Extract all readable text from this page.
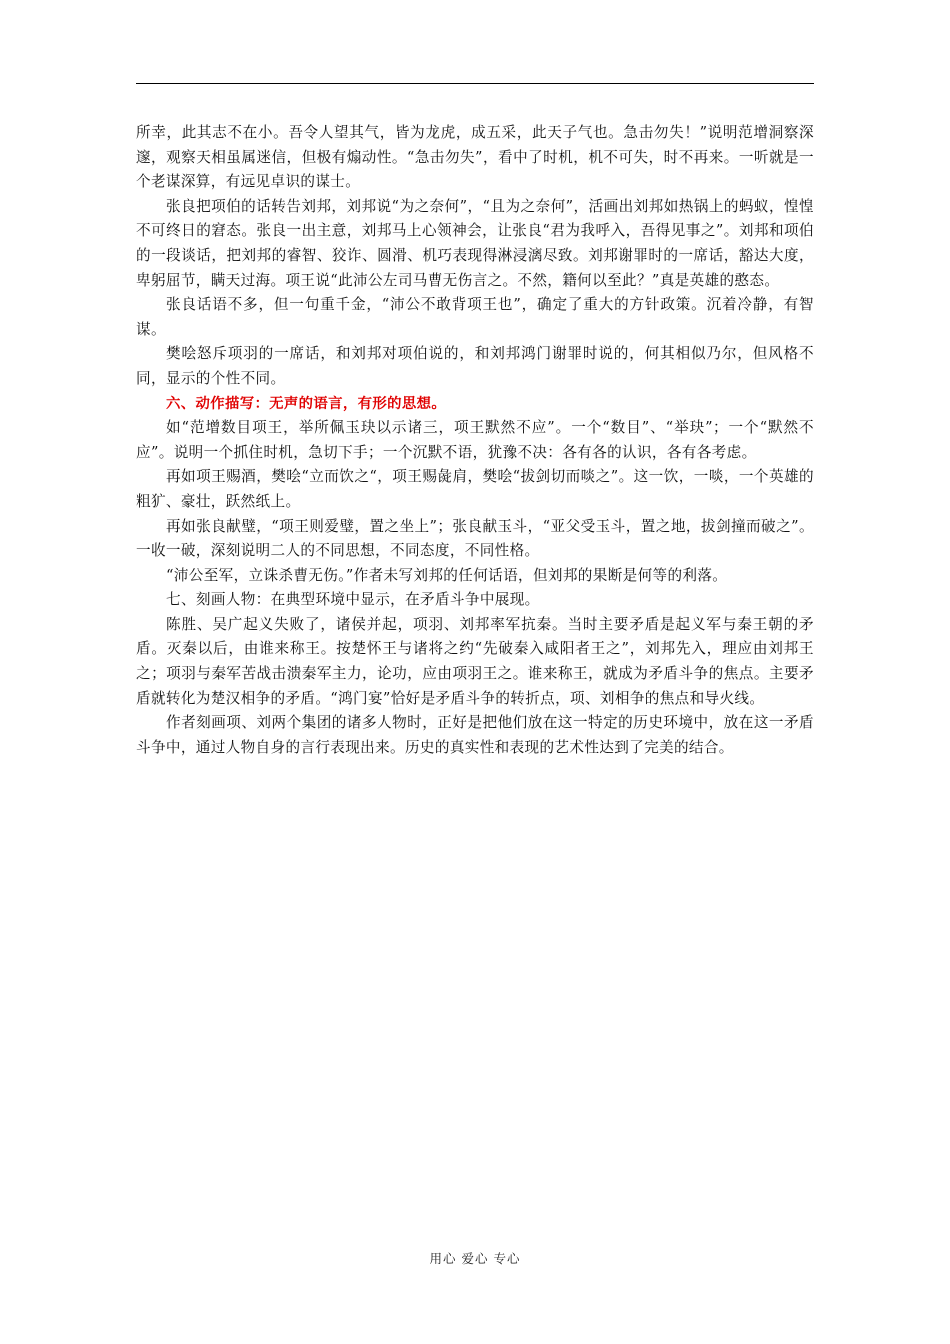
所幸，此其志不在小。吾令人望其气，皆为龙虎，成五采，此天子气也。急击勿失！”说明范增洞察深邃，观察天相虽属迷信，但极有煽动性。“急击勿失”，看中了时机，机不可失，时不再来。一听就是一个老谋深算，有远见卓识的谋士。

张良把项伯的话转告刘邦，刘邦说“为之奈何”，“且为之奈何”，活画出刘邦如热锅上的蚂蚁，惶惶不可终日的窘态。张良一出主意，刘邦马上心领神会，让张良“君为我呼入，吾得见事之”。刘邦和项伯的一段谈话，把刘邦的睿智、狡诈、圆滑、机巧表现得淋浸漓尽致。刘邦谢罪时的一席话，豁达大度，卑躬屈节，瞒天过海。项王说“此沛公左司马曹无伤言之。不然，籍何以至此？”真是英雄的憨态。

张良话语不多，但一句重千金，“沛公不敢背项王也”，确定了重大的方针政策。沉着冷静，有智谋。

樊哙怒斥项羽的一席话，和刘邦对项伯说的，和刘邦鸿门谢罪时说的，何其相似乃尔，但风格不同，显示的个性不同。

六、动作描写：无声的语言，有形的思想。

如“范增数目项王，举所佩玉玦以示诸三，项王默然不应”。一个“数目”、“举玦”；一个“默然不应”。说明一个抓住时机，急切下手；一个沉默不语，犹豫不决：各有各的认识，各有各考虑。

再如项王赐酒，樊哙“立而饮之“，项王赐彘肩，樊哙“拔剑切而啖之”。这一饮，一啖，一个英雄的粗犷、豪壮，跃然纸上。

再如张良献璧，“项王则爱璧，置之坐上”；张良献玉斗，“亚父受玉斗，置之地，拔剑撞而破之”。一收一破，深刻说明二人的不同思想，不同态度，不同性格。

“沛公至军，立诛杀曹无伤。”作者未写刘邦的任何话语，但刘邦的果断是何等的利落。

七、刻画人物：在典型环境中显示，在矛盾斗争中展现。

陈胜、吴广起义失败了，诸侯并起，项羽、刘邦率军抗秦。当时主要矛盾是起义军与秦王朝的矛盾。灭秦以后，由谁来称王。按楚怀王与诸将之约“先破秦入咸阳者王之”，刘邦先入，理应由刘邦王之；项羽与秦军苦战击溃秦军主力，论功，应由项羽王之。谁来称王，就成为矛盾斗争的焦点。主要矛盾就转化为楚汉相争的矛盾。“鸿门宴”恰好是矛盾斗争的转折点，项、刘相争的焦点和导火线。

作者刻画项、刘两个集团的诸多人物时，正好是把他们放在这一特定的历史环境中，放在这一矛盾斗争中，通过人物自身的言行表现出来。历史的真实性和表现的艺术性达到了完美的结合。

用心 爱心 专心
